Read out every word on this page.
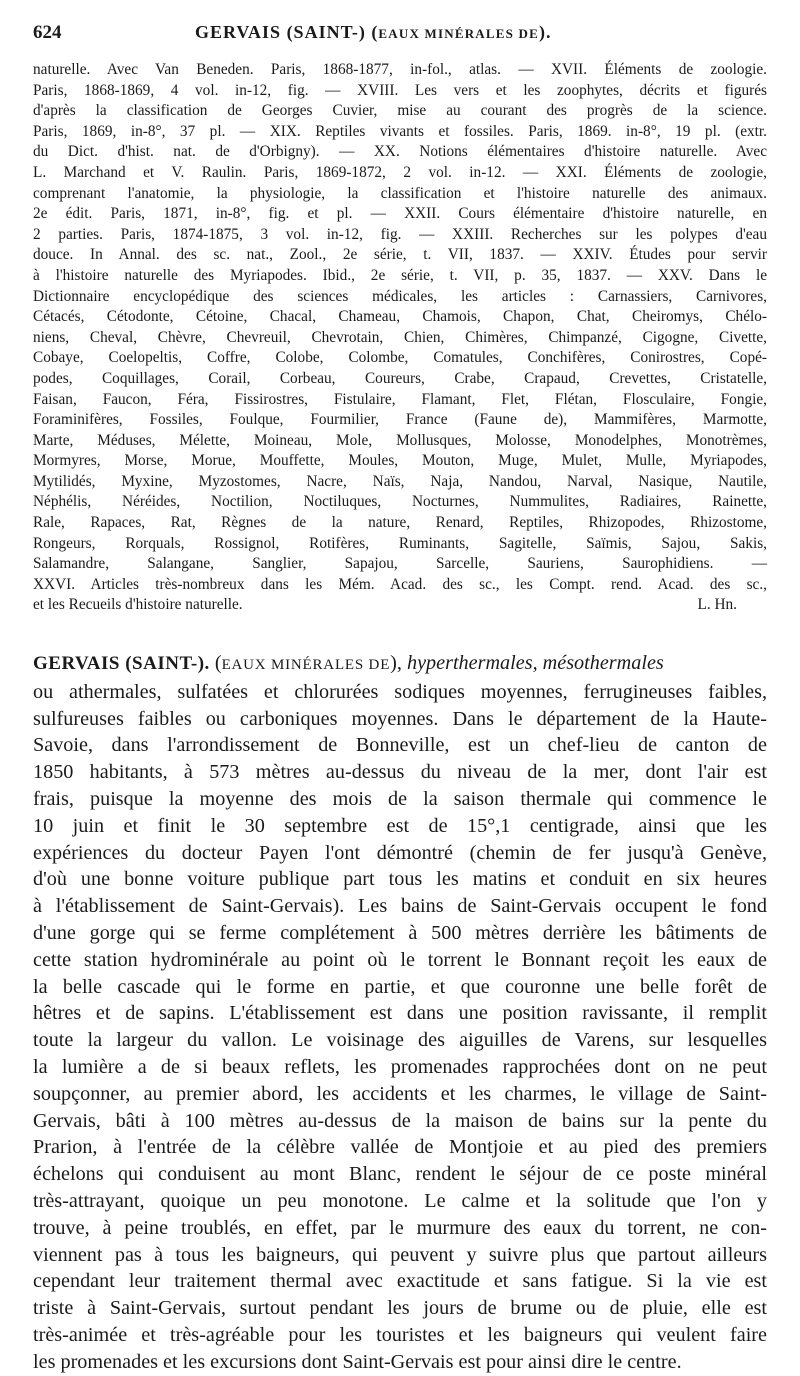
624	GERVAIS (SAINT-) (EAUX MINÉRALES DE).

naturelle. Avec Van Beneden. Paris, 1868-1877, in-fol., atlas. — XVII. Éléments de zoologie.

Paris, 1868-1869, 4 vol. in-12, fig. — XVIII. Les vers et les zoophytes, décrits et figurés

d'après la classification de Georges Cuvier, mise au courant des progrès de la science.

Paris, 1869, in-8°, 37 pl. — XIX. Reptiles vivants et fossiles. Paris, 1869. in-8°, 19 pl. (extr.

du Dict. d'hist. nat. de d'Orbigny). — XX. Notions élémentaires d'histoire naturelle. Avec

L. Marchand et V. Raulin. Paris, 1869-1872, 2 vol. in-12. — XXI. Éléments de zoologie,

comprenant l'anatomie, la physiologie, la classification et l'histoire naturelle des animaux.

2e édit. Paris, 1871, in-8°, fig. et pl. — XXII. Cours élémentaire d'histoire naturelle, en

2 parties. Paris, 1874-1875, 3 vol. in-12, fig. — XXIII. Recherches sur les polypes d'eau

douce. In Annal. des sc. nat., Zool., 2e série, t. VII, 1837. — XXIV. Études pour servir

à l'histoire naturelle des Myriapodes. Ibid., 2e série, t. VII, p. 35, 1837. — XXV. Dans le

Dictionnaire encyclopédique des sciences médicales, les articles : Carnassiers, Carnivores,

Cétacés, Cétodonte, Cétoine, Chacal, Chameau, Chamois, Chapon, Chat, Cheiromys, Chélo-

niens, Cheval, Chèvre, Chevreuil, Chevrotain, Chien, Chimères, Chimpanzé, Cigogne, Civette,

Cobaye, Coelopeltis, Coffre, Colobe, Colombe, Comatules, Conchifères, Conirostres, Copé-

podes, Coquillages, Corail, Corbeau, Coureurs, Crabe, Crapaud, Crevettes, Cristatelle,

Faisan, Faucon, Féra, Fissirostres, Fistulaire, Flamant, Flet, Flétan, Flosculaire, Fongie,

Foraminifères, Fossiles, Foulque, Fourmilier, France (Faune de), Mammifères, Marmotte,

Marte, Méduses, Mélette, Moineau, Mole, Mollusques, Molosse, Monodelphes, Monotrèmes,

Mormyres, Morse, Morue, Mouffette, Moules, Mouton, Muge, Mulet, Mulle, Myriapodes,

Mytilidés, Myxine, Myzostomes, Nacre, Naïs, Naja, Nandou, Narval, Nasique, Nautile,

Néphélis, Néréides, Noctilion, Noctiluques, Nocturnes, Nummulites, Radiaires, Rainette,

Rale, Rapaces, Rat, Règnes de la nature, Renard, Reptiles, Rhizopodes, Rhizostome,

Rongeurs, Rorquals, Rossignol, Rotifères, Ruminants, Sagitelle, Saïmis, Sajou, Sakis,

Salamandre, Salangane, Sanglier, Sapajou, Sarcelle, Sauriens, Saurophidiens. —

XXVI. Articles très-nombreux dans les Mém. Acad. des sc., les Compt. rend. Acad. des sc.,

et les Recueils d'histoire naturelle.	L. Hn.

GERVAIS (SAINT-). (EAUX MINÉRALES DE), hyperthermales, mésothermales

ou athermales, sulfatées et chlorurées sodiques moyennes, ferrugineuses faibles,

sulfureuses faibles ou carboniques moyennes. Dans le département de la Haute-

Savoie, dans l'arrondissement de Bonneville, est un chef-lieu de canton de

1850 habitants, à 573 mètres au-dessus du niveau de la mer, dont l'air est

frais, puisque la moyenne des mois de la saison thermale qui commence le

10 juin et finit le 30 septembre est de 15°,1 centigrade, ainsi que les

expériences du docteur Payen l'ont démontré (chemin de fer jusqu'à Genève,

d'où une bonne voiture publique part tous les matins et conduit en six heures

à l'établissement de Saint-Gervais). Les bains de Saint-Gervais occupent le fond

d'une gorge qui se ferme complétement à 500 mètres derrière les bâtiments de

cette station hydrominérale au point où le torrent le Bonnant reçoit les eaux de

la belle cascade qui le forme en partie, et que couronne une belle forêt de

hêtres et de sapins. L'établissement est dans une position ravissante, il remplit

toute la largeur du vallon. Le voisinage des aiguilles de Varens, sur lesquelles

la lumière a de si beaux reflets, les promenades rapprochées dont on ne peut

soupçonner, au premier abord, les accidents et les charmes, le village de Saint-

Gervais, bâti à 100 mètres au-dessus de la maison de bains sur la pente du

Prarion, à l'entrée de la célèbre vallée de Montjoie et au pied des premiers

échelons qui conduisent au mont Blanc, rendent le séjour de ce poste minéral

très-attrayant, quoique un peu monotone. Le calme et la solitude que l'on y

trouve, à peine troublés, en effet, par le murmure des eaux du torrent, ne con-

viennent pas à tous les baigneurs, qui peuvent y suivre plus que partout ailleurs

cependant leur traitement thermal avec exactitude et sans fatigue. Si la vie est

triste à Saint-Gervais, surtout pendant les jours de brume ou de pluie, elle est

très-animée et très-agréable pour les touristes et les baigneurs qui veulent faire

les promenades et les excursions dont Saint-Gervais est pour ainsi dire le centre.
